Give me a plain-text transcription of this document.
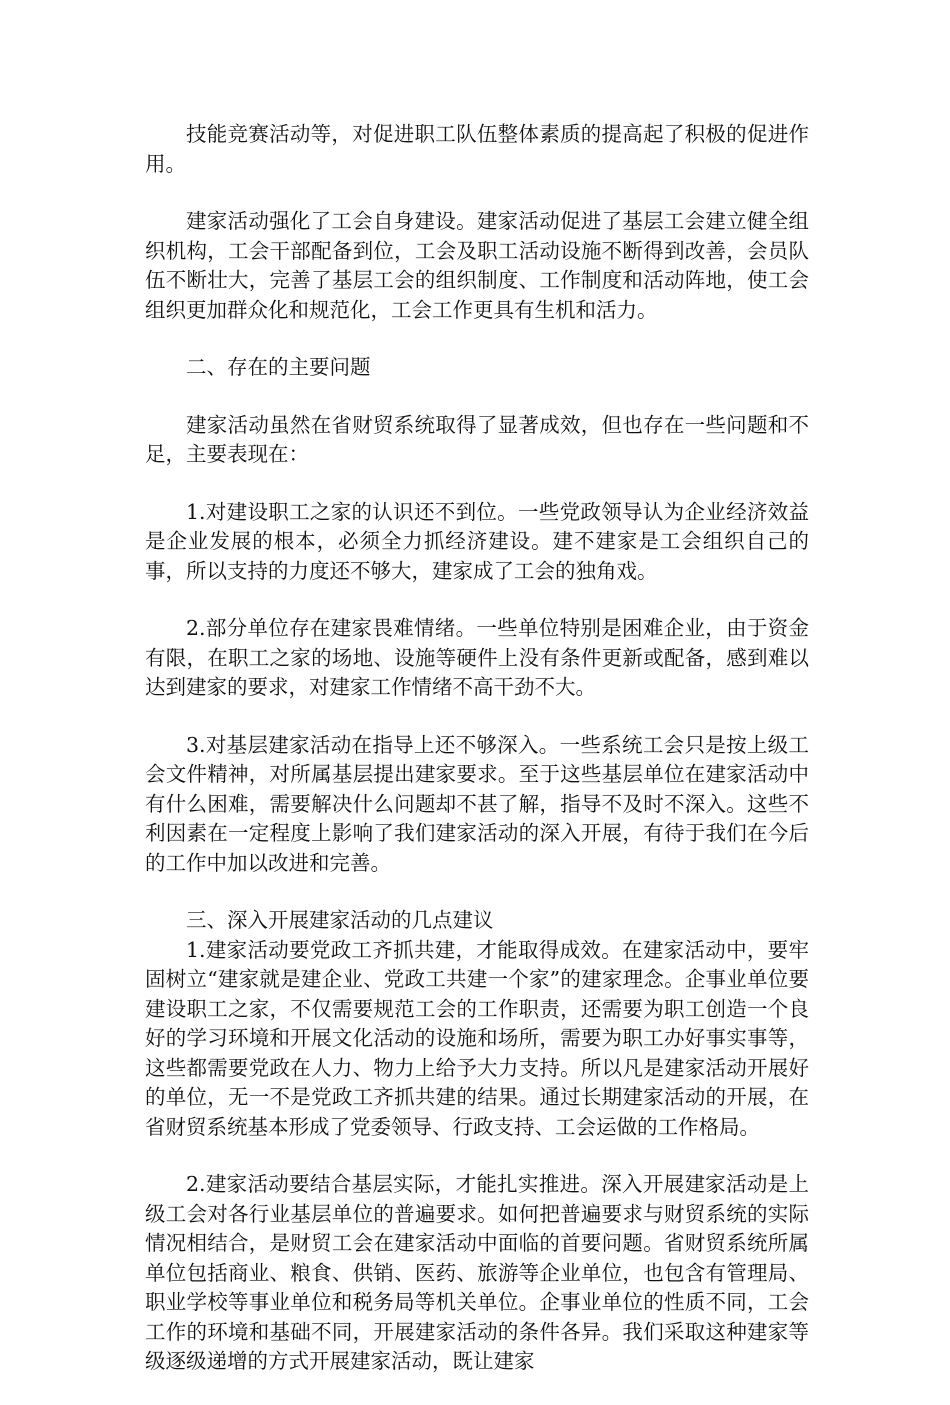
技能竞赛活动等，对促进职工队伍整体素质的提高起了积极的促进作用。

建家活动强化了工会自身建设。建家活动促进了基层工会建立健全组织机构，工会干部配备到位，工会及职工活动设施不断得到改善，会员队伍不断壮大，完善了基层工会的组织制度、工作制度和活动阵地，使工会组织更加群众化和规范化，工会工作更具有生机和活力。

二、存在的主要问题

建家活动虽然在省财贸系统取得了显著成效，但也存在一些问题和不足，主要表现在：

1.对建设职工之家的认识还不到位。一些党政领导认为企业经济效益是企业发展的根本，必须全力抓经济建设。建不建家是工会组织自己的事，所以支持的力度还不够大，建家成了工会的独角戏。

2.部分单位存在建家畏难情绪。一些单位特别是困难企业，由于资金有限，在职工之家的场地、设施等硬件上没有条件更新或配备，感到难以达到建家的要求，对建家工作情绪不高干劲不大。

3.对基层建家活动在指导上还不够深入。一些系统工会只是按上级工会文件精神，对所属基层提出建家要求。至于这些基层单位在建家活动中有什么困难，需要解决什么问题却不甚了解，指导不及时不深入。这些不利因素在一定程度上影响了我们建家活动的深入开展，有待于我们在今后的工作中加以改进和完善。

三、深入开展建家活动的几点建议

1.建家活动要党政工齐抓共建，才能取得成效。在建家活动中，要牢固树立“建家就是建企业、党政工共建一个家”的建家理念。企事业单位要建设职工之家，不仅需要规范工会的工作职责，还需要为职工创造一个良好的学习环境和开展文化活动的设施和场所，需要为职工办好事实事等，这些都需要党政在人力、物力上给予大力支持。所以凡是建家活动开展好的单位，无一不是党政工齐抓共建的结果。通过长期建家活动的开展，在省财贸系统基本形成了党委领导、行政支持、工会运做的工作格局。

2.建家活动要结合基层实际，才能扎实推进。深入开展建家活动是上级工会对各行业基层单位的普遍要求。如何把普遍要求与财贸系统的实际情况相结合，是财贸工会在建家活动中面临的首要问题。省财贸系统所属单位包括商业、粮食、供销、医药、旅游等企业单位，也包含有管理局、职业学校等事业单位和税务局等机关单位。企事业单位的性质不同，工会工作的环境和基础不同，开展建家活动的条件各异。我们采取这种建家等级逐级递增的方式开展建家活动，既让建家
